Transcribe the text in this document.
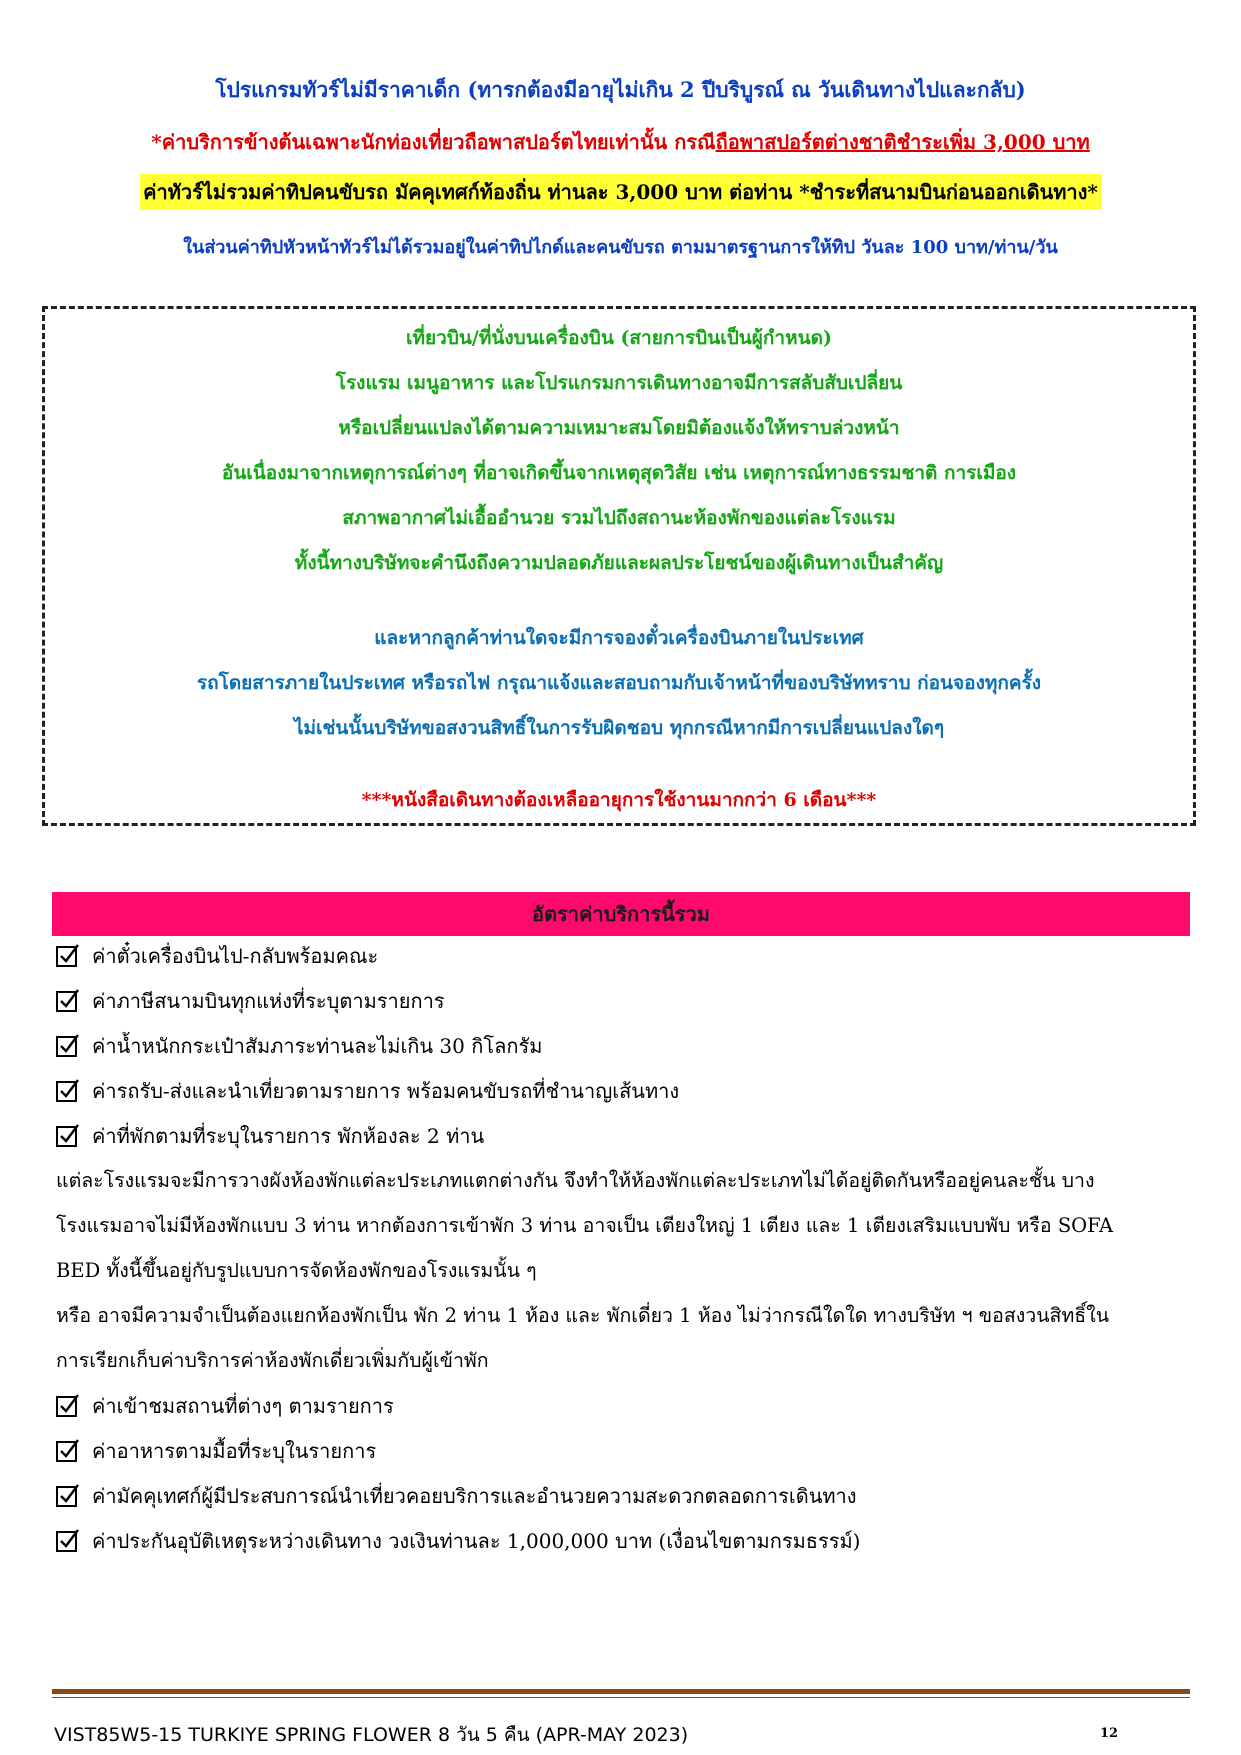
โปรแกรมทัวร์ไม่มีราคาเด็ก (ทารกต้องมีอายุไม่เกิน 2 ปีบริบูรณ์ ณ วันเดินทางไปและกลับ)
*ค่าบริการข้างต้นเฉพาะนักท่องเที่ยวถือพาสปอร์ตไทยเท่านั้น กรณีถือพาสปอร์ตต่างชาติชำระเพิ่ม 3,000 บาท
ค่าทัวร์ไม่รวมค่าทิปคนขับรถ มัคคุเทศก์ท้องถิ่น ท่านละ 3,000 บาท ต่อท่าน *ชำระที่สนามบินก่อนออกเดินทาง*
ในส่วนค่าทิปหัวหน้าทัวร์ไม่ได้รวมอยู่ในค่าทิปไกด์และคนขับรถ ตามมาตรฐานการให้ทิป วันละ 100 บาท/ท่าน/วัน
เที่ยวบิน/ที่นั่งบนเครื่องบิน (สายการบินเป็นผู้กำหนด)
โรงแรม เมนูอาหาร และโปรแกรมการเดินทางอาจมีการสลับสับเปลี่ยน
หรือเปลี่ยนแปลงได้ตามความเหมาะสมโดยมิต้องแจ้งให้ทราบล่วงหน้า
อันเนื่องมาจากเหตุการณ์ต่างๆ ที่อาจเกิดขึ้นจากเหตุสุดวิสัย เช่น เหตุการณ์ทางธรรมชาติ การเมือง
สภาพอากาศไม่เอื้ออำนวย รวมไปถึงสถานะห้องพักของแต่ละโรงแรม
ทั้งนี้ทางบริษัทจะคำนึงถึงความปลอดภัยและผลประโยชน์ของผู้เดินทางเป็นสำคัญ
และหากลูกค้าท่านใดจะมีการจองตั๋วเครื่องบินภายในประเทศ
รถโดยสารภายในประเทศ หรือรถไฟ กรุณาแจ้งและสอบถามกับเจ้าหน้าที่ของบริษัททราบ ก่อนจองทุกครั้ง
ไม่เช่นนั้นบริษัทขอสงวนสิทธิ์ในการรับผิดชอบ ทุกกรณีหากมีการเปลี่ยนแปลงใดๆ
***หนังสือเดินทางต้องเหลืออายุการใช้งานมากกว่า 6 เดือน***
อัตราค่าบริการนี้รวม
ค่าตั๋วเครื่องบินไป-กลับพร้อมคณะ
ค่าภาษีสนามบินทุกแห่งที่ระบุตามรายการ
ค่าน้ำหนักกระเป๋าสัมภาระท่านละไม่เกิน 30 กิโลกรัม
ค่ารถรับ-ส่งและนำเที่ยวตามรายการ พร้อมคนขับรถที่ชำนาญเส้นทาง
ค่าที่พักตามที่ระบุในรายการ พักห้องละ 2 ท่าน
แต่ละโรงแรมจะมีการวางผังห้องพักแต่ละประเภทแตกต่างกัน จึงทำให้ห้องพักแต่ละประเภทไม่ได้อยู่ติดกันหรืออยู่คนละชั้น บาง
โรงแรมอาจไม่มีห้องพักแบบ 3 ท่าน หากต้องการเข้าพัก 3 ท่าน อาจเป็น เตียงใหญ่ 1 เตียง และ 1 เตียงเสริมแบบพับ หรือ SOFA
BED ทั้งนี้ขึ้นอยู่กับรูปแบบการจัดห้องพักของโรงแรมนั้น ๆ
หรือ อาจมีความจำเป็นต้องแยกห้องพักเป็น พัก 2 ท่าน 1 ห้อง และ พักเดี่ยว 1 ห้อง ไม่ว่ากรณีใดใด ทางบริษัท ฯ ขอสงวนสิทธิ์ใน
การเรียกเก็บค่าบริการค่าห้องพักเดี่ยวเพิ่มกับผู้เข้าพัก
ค่าเข้าชมสถานที่ต่างๆ ตามรายการ
ค่าอาหารตามมื้อที่ระบุในรายการ
ค่ามัคคุเทศก์ผู้มีประสบการณ์นำเที่ยวคอยบริการและอำนวยความสะดวกตลอดการเดินทาง
ค่าประกันอุบัติเหตุระหว่างเดินทาง วงเงินท่านละ 1,000,000 บาท (เงื่อนไขตามกรมธรรม์)
VIST85W5-15 TURKIYE SPRING FLOWER 8 วัน 5 คืน (APR-MAY 2023)	12
